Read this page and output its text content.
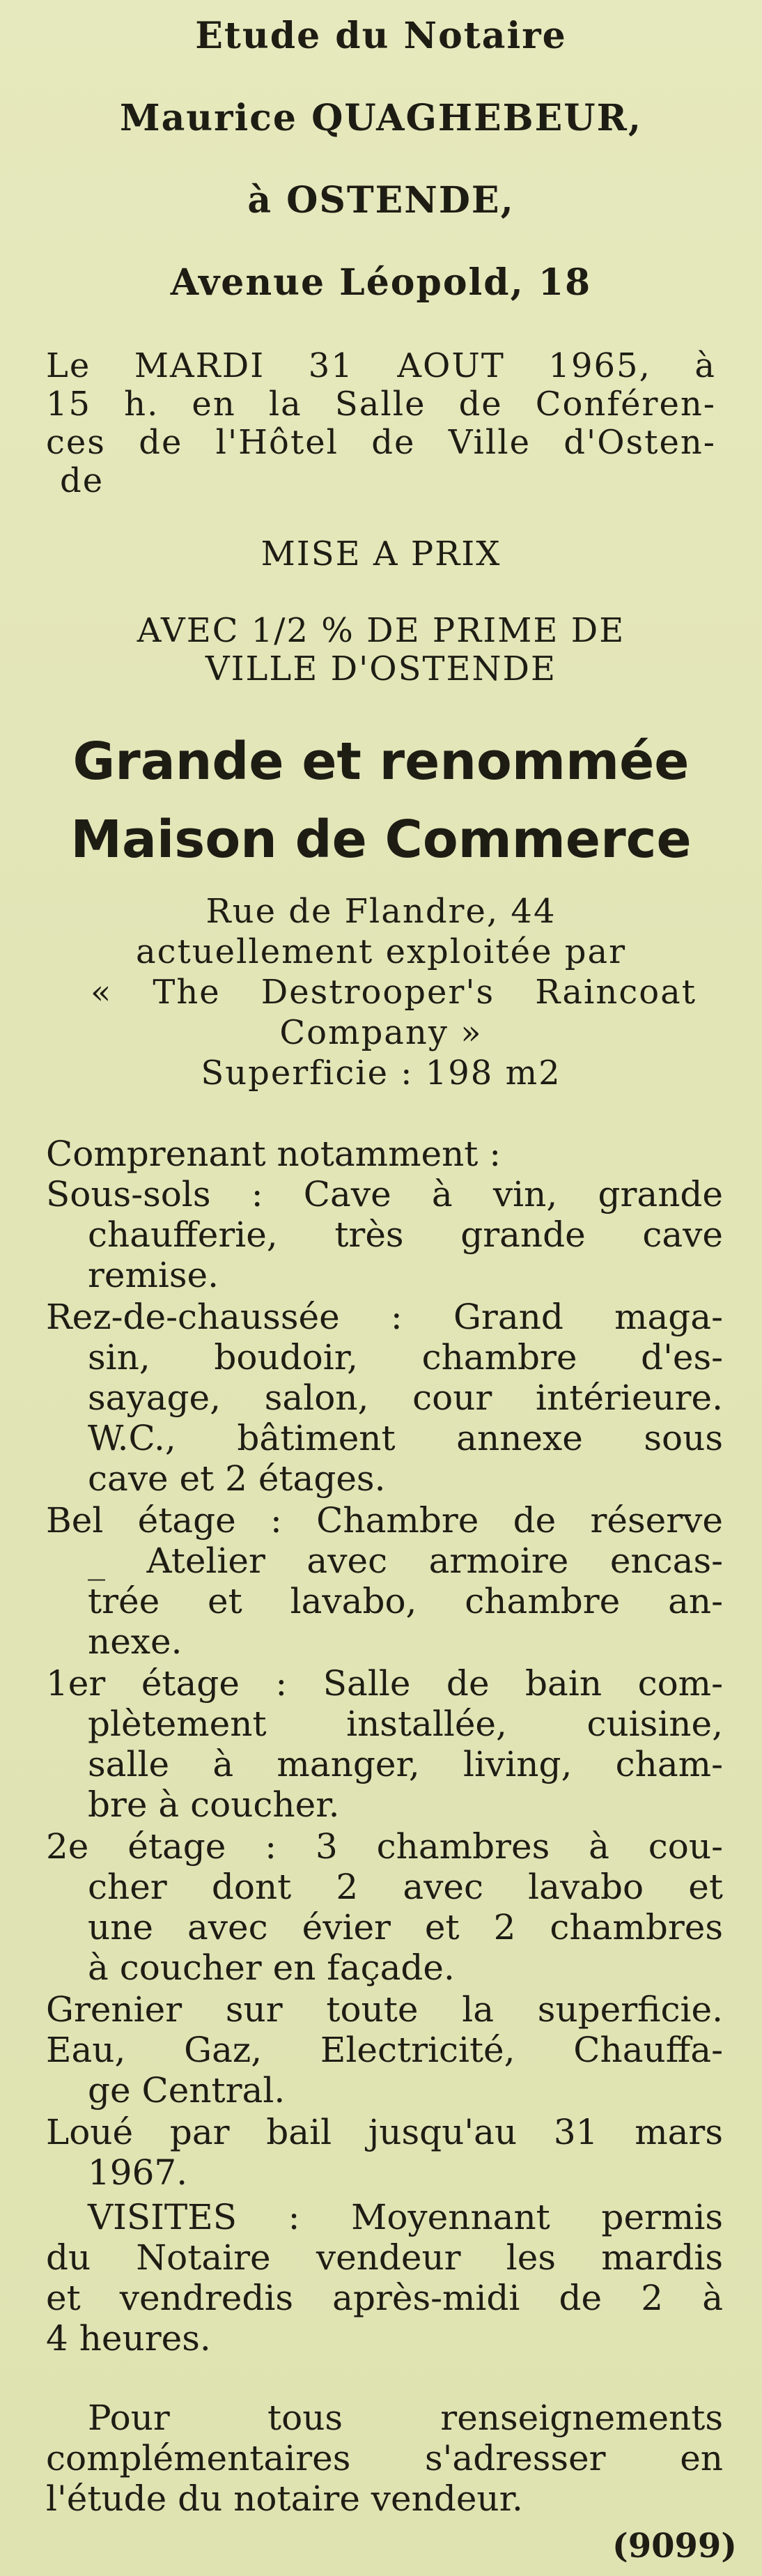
Etude du Notaire
Maurice QUAGHEBEUR,
à OSTENDE,
Avenue Léopold, 18
Le MARDI 31 AOUT 1965, à
15 h. en la Salle de Conféren-
ces de l'Hôtel de Ville d'Osten-
de
MISE A PRIX
AVEC 1/2 % DE PRIME DE
VILLE D'OSTENDE
Grande et renommée
Maison de Commerce
Rue de Flandre, 44
actuellement exploitée par
« The Destrooper's Raincoat
Company »
Superficie : 198 m2
Comprenant notamment :
Sous-sols : Cave à vin, grande
chaufferie, très grande cave
remise.
Rez-de-chaussée : Grand maga-
sin, boudoir, chambre d'es-
sayage, salon, cour intérieure.
W.C., bâtiment annexe sous
cave et 2 étages.
Bel étage : Chambre de réserve
_ Atelier avec armoire encas-
trée et lavabo, chambre an-
nexe.
1er étage : Salle de bain com-
plètement installée, cuisine,
salle à manger, living, cham-
bre à coucher.
2e étage : 3 chambres à cou-
cher dont 2 avec lavabo et
une avec évier et 2 chambres
à coucher en façade.
Grenier sur toute la superficie.
Eau, Gaz, Electricité, Chauffa-
ge Central.
Loué par bail jusqu'au 31 mars
1967.
VISITES : Moyennant permis
du Notaire vendeur les mardis
et vendredis après-midi de 2 à
4 heures.
Pour tous renseignements
complémentaires s'adresser en
l'étude du notaire vendeur.
(9099)
